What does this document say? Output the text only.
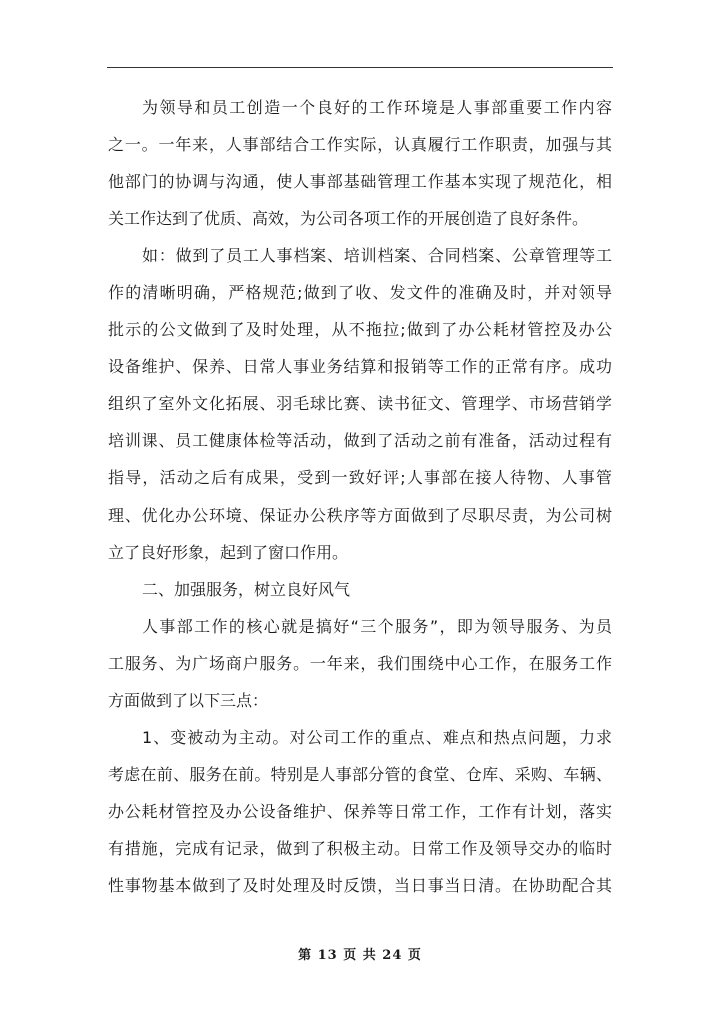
为领导和员工创造一个良好的工作环境是人事部重要工作内容
之一。一年来，人事部结合工作实际，认真履行工作职责，加强与其
他部门的协调与沟通，使人事部基础管理工作基本实现了规范化，相
关工作达到了优质、高效，为公司各项工作的开展创造了良好条件。
如：做到了员工人事档案、培训档案、合同档案、公章管理等工
作的清晰明确，严格规范;做到了收、发文件的准确及时，并对领导
批示的公文做到了及时处理，从不拖拉;做到了办公耗材管控及办公
设备维护、保养、日常人事业务结算和报销等工作的正常有序。成功
组织了室外文化拓展、羽毛球比赛、读书征文、管理学、市场营销学
培训课、员工健康体检等活动，做到了活动之前有准备，活动过程有
指导，活动之后有成果，受到一致好评;人事部在接人待物、人事管
理、优化办公环境、保证办公秩序等方面做到了尽职尽责，为公司树
立了良好形象，起到了窗口作用。
二、加强服务，树立良好风气
人事部工作的核心就是搞好“三个服务”，即为领导服务、为员
工服务、为广场商户服务。一年来，我们围绕中心工作，在服务工作
方面做到了以下三点：
1、变被动为主动。对公司工作的重点、难点和热点问题，力求
考虑在前、服务在前。特别是人事部分管的食堂、仓库、采购、车辆、
办公耗材管控及办公设备维护、保养等日常工作，工作有计划，落实
有措施，完成有记录，做到了积极主动。日常工作及领导交办的临时
性事物基本做到了及时处理及时反馈，当日事当日清。在协助配合其
第 13 页 共 24 页
